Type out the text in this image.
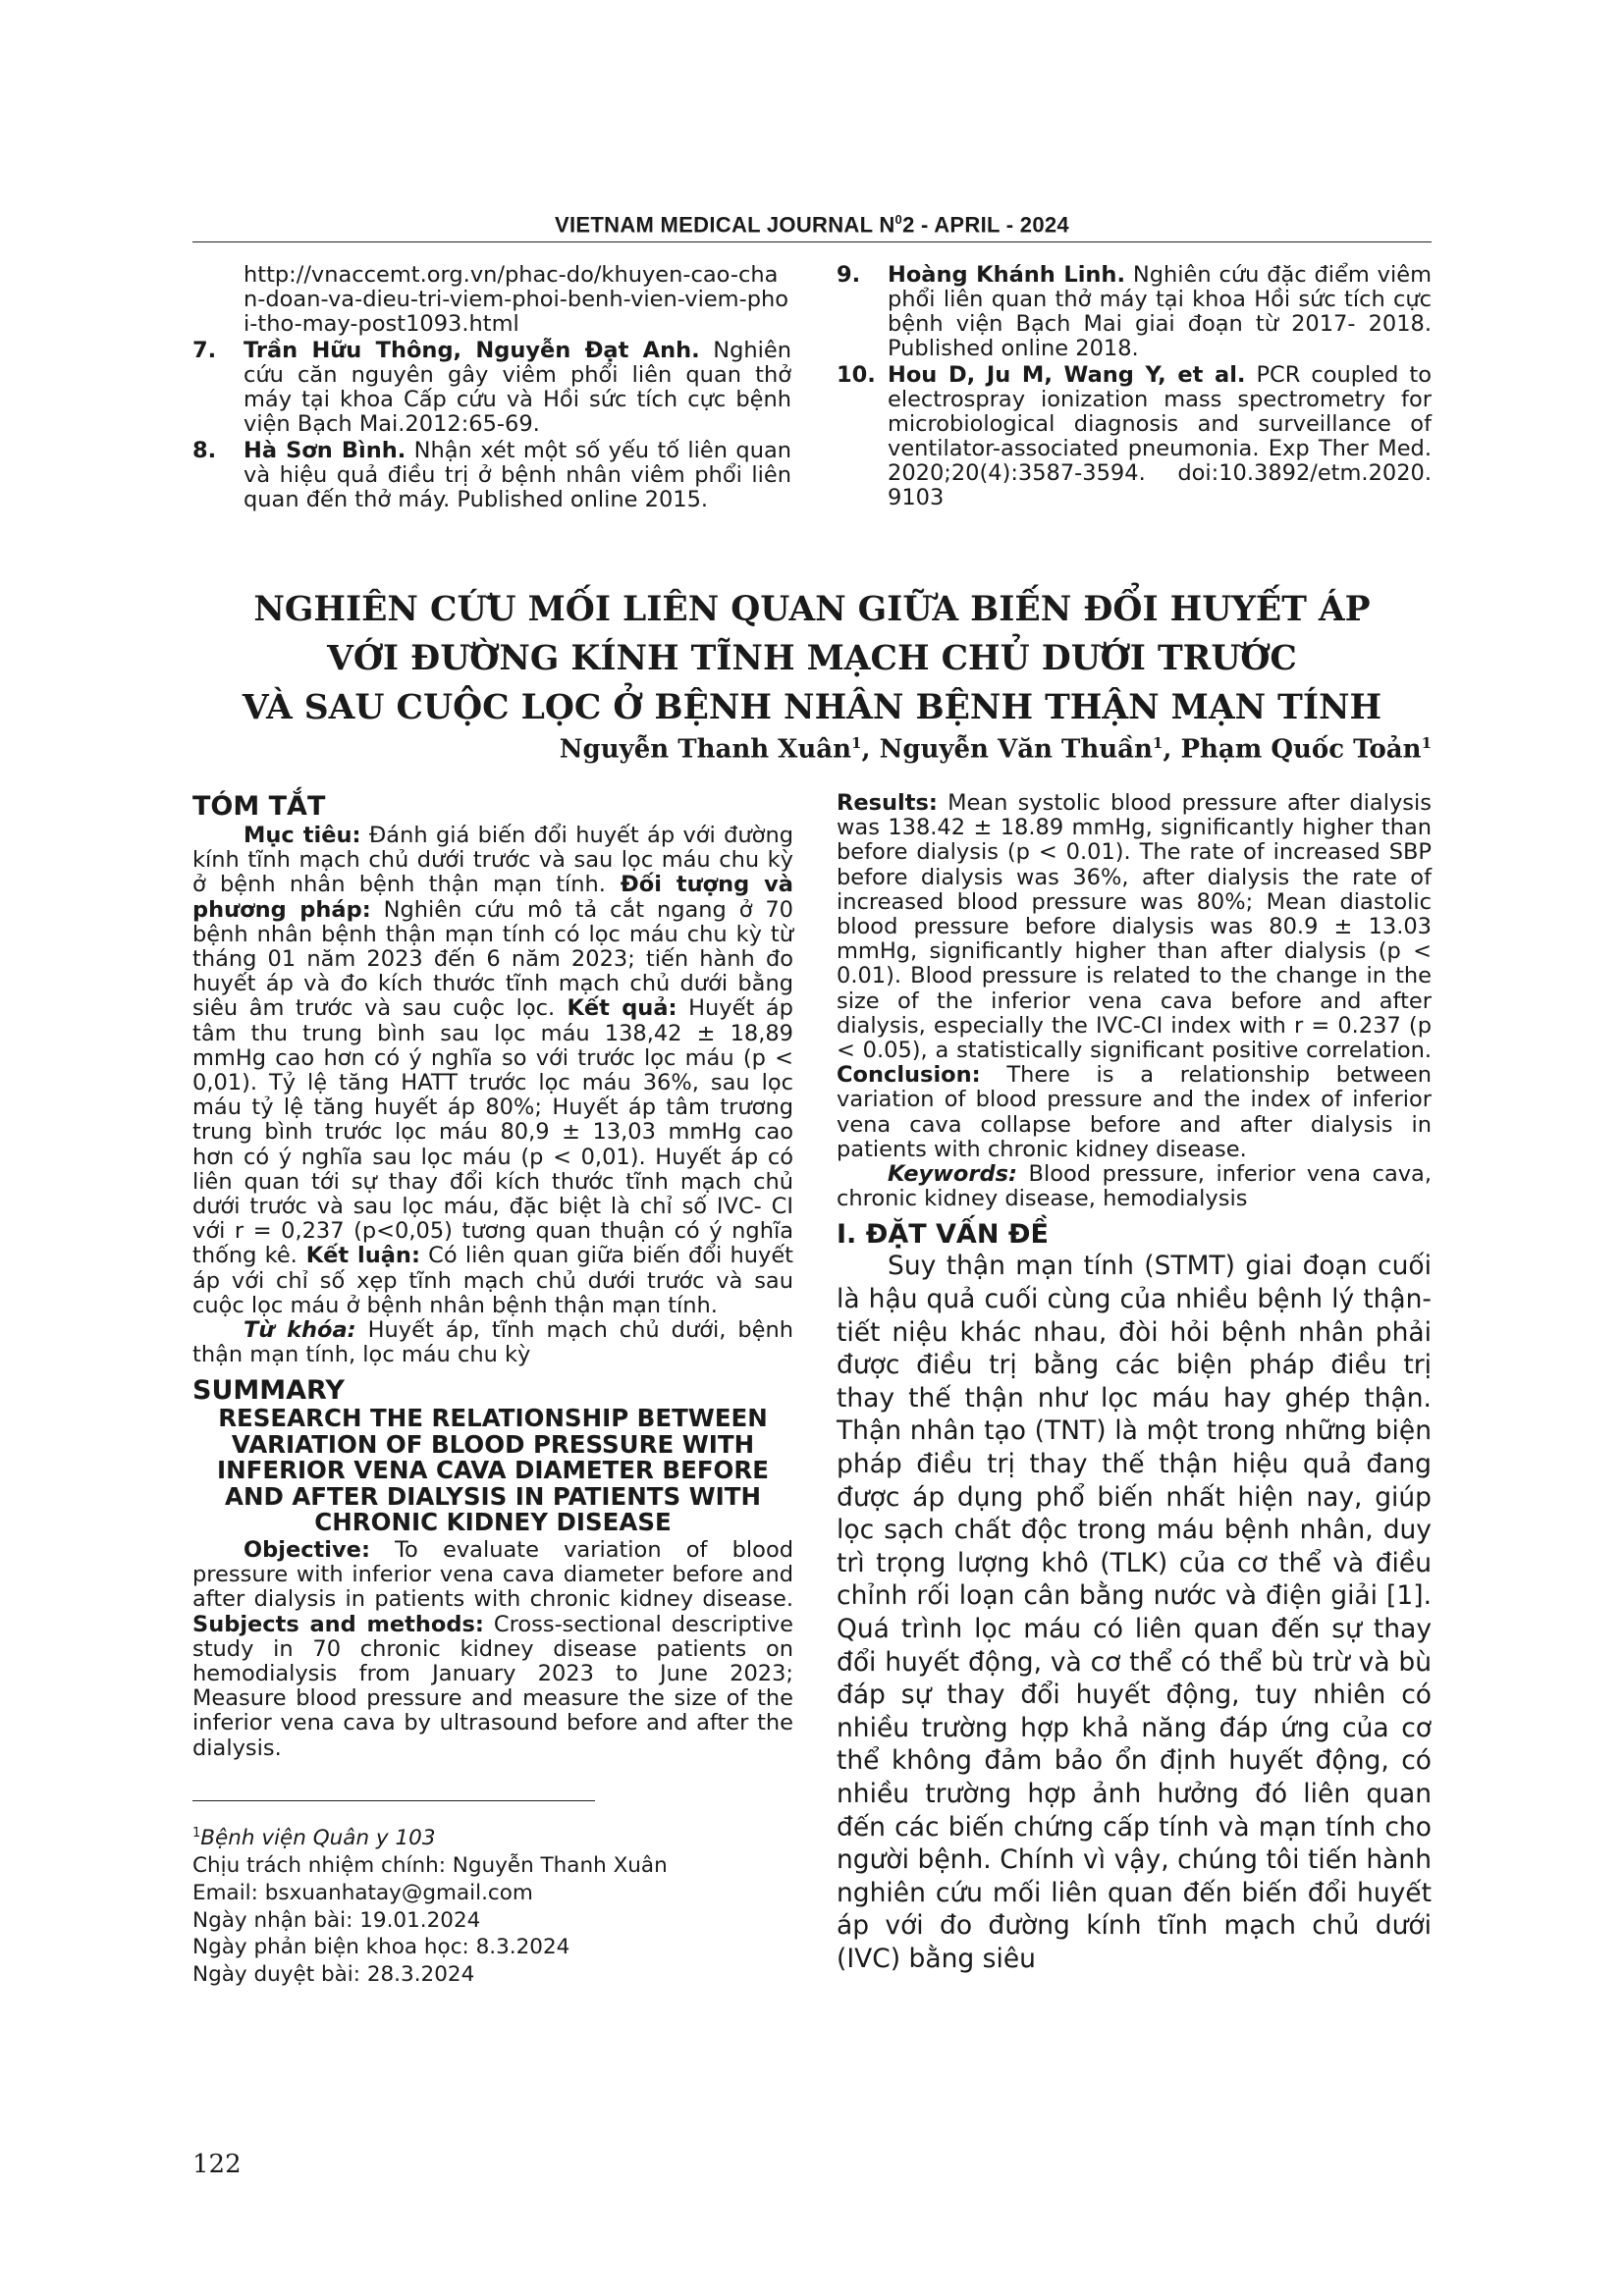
VIETNAM MEDICAL JOURNAL $N^02$ - APRIL - 2024

http://vnaccemt.org.vn/phac-do/khuyen-cao-chan-doan-va-dieu-tri-viem-phoi-benh-vien-viem-phoi-tho-may-post1093.html

7. Trần Hữu Thông, Nguyễn Đạt Anh. Nghiên cứu căn nguyên gây viêm phổi liên quan thở máy tại khoa Cấp cứu và Hồi sức tích cực bệnh viện Bạch Mai.2012:65-69.

8. Hà Sơn Bình. Nhận xét một số yếu tố liên quan và hiệu quả điều trị ở bệnh nhân viêm phổi liên quan đến thở máy. Published online 2015.

9. Hoàng Khánh Linh. Nghiên cứu đặc điểm viêm phổi liên quan thở máy tại khoa Hồi sức tích cực bệnh viện Bạch Mai giai đoạn từ 2017- 2018. Published online 2018.

10. Hou D, Ju M, Wang Y, et al. PCR coupled to electrospray ionization mass spectrometry for microbiological diagnosis and surveillance of ventilator-associated pneumonia. Exp Ther Med. 2020;20(4):3587-3594. doi:10.3892/etm.2020. 9103

NGHIÊN CỨU MỐI LIÊN QUAN GIỮA BIẾN ĐỔI HUYẾT ÁP
VỚI ĐƯỜNG KÍNH TĨNH MẠCH CHỦ DƯỚI TRƯỚC
VÀ SAU CUỘC LỌC Ở BỆNH NHÂN BỆNH THẬN MẠN TÍNH
Nguyễn Thanh Xuân$^1$, Nguyễn Văn Thuần$^1$, Phạm Quốc Toản$^1$
TÓM TẮT

Mục tiêu: Đánh giá biến đổi huyết áp với đường kính tĩnh mạch chủ dưới trước và sau lọc máu chu kỳ ở bệnh nhân bệnh thận mạn tính. Đối tượng và phương pháp: Nghiên cứu mô tả cắt ngang ở 70 bệnh nhân bệnh thận mạn tính có lọc máu chu kỳ từ tháng 01 năm 2023 đến 6 năm 2023; tiến hành đo huyết áp và đo kích thước tĩnh mạch chủ dưới bằng siêu âm trước và sau cuộc lọc. Kết quả: Huyết áp tâm thu trung bình sau lọc máu 138,42 ± 18,89 mmHg cao hơn có ý nghĩa so với trước lọc máu (p < 0,01). Tỷ lệ tăng HATT trước lọc máu 36%, sau lọc máu tỷ lệ tăng huyết áp 80%; Huyết áp tâm trương trung bình trước lọc máu 80,9 ± 13,03 mmHg cao hơn có ý nghĩa sau lọc máu (p < 0,01). Huyết áp có liên quan tới sự thay đổi kích thước tĩnh mạch chủ dưới trước và sau lọc máu, đặc biệt là chỉ số IVC- CI với r = 0,237 (p<0,05) tương quan thuận có ý nghĩa thống kê. Kết luận: Có liên quan giữa biến đổi huyết áp với chỉ số xẹp tĩnh mạch chủ dưới trước và sau cuộc lọc máu ở bệnh nhân bệnh thận mạn tính.

Từ khóa: Huyết áp, tĩnh mạch chủ dưới, bệnh thận mạn tính, lọc máu chu kỳ

SUMMARY

RESEARCH THE RELATIONSHIP BETWEEN VARIATION OF BLOOD PRESSURE WITH INFERIOR VENA CAVA DIAMETER BEFORE AND AFTER DIALYSIS IN PATIENTS WITH CHRONIC KIDNEY DISEASE

Objective: To evaluate variation of blood pressure with inferior vena cava diameter before and after dialysis in patients with chronic kidney disease. Subjects and methods: Cross-sectional descriptive study in 70 chronic kidney disease patients on hemodialysis from January 2023 to June 2023; Measure blood pressure and measure the size of the inferior vena cava by ultrasound before and after the dialysis.

Results: Mean systolic blood pressure after dialysis was 138.42 ± 18.89 mmHg, significantly higher than before dialysis (p < 0.01). The rate of increased SBP before dialysis was 36%, after dialysis the rate of increased blood pressure was 80%; Mean diastolic blood pressure before dialysis was 80.9 ± 13.03 mmHg, significantly higher than after dialysis (p < 0.01). Blood pressure is related to the change in the size of the inferior vena cava before and after dialysis, especially the IVC-CI index with r = 0.237 (p < 0.05), a statistically significant positive correlation. Conclusion: There is a relationship between variation of blood pressure and the index of inferior vena cava collapse before and after dialysis in patients with chronic kidney disease.

Keywords: Blood pressure, inferior vena cava, chronic kidney disease, hemodialysis

I. ĐẶT VẤN ĐỀ

Suy thận mạn tính (STMT) giai đoạn cuối là hậu quả cuối cùng của nhiều bệnh lý thận-tiết niệu khác nhau, đòi hỏi bệnh nhân phải được điều trị bằng các biện pháp điều trị thay thế thận như lọc máu hay ghép thận. Thận nhân tạo (TNT) là một trong những biện pháp điều trị thay thế thận hiệu quả đang được áp dụng phổ biến nhất hiện nay, giúp lọc sạch chất độc trong máu bệnh nhân, duy trì trọng lượng khô (TLK) của cơ thể và điều chỉnh rối loạn cân bằng nước và điện giải [1]. Quá trình lọc máu có liên quan đến sự thay đổi huyết động, và cơ thể có thể bù trừ và bù đáp sự thay đổi huyết động, tuy nhiên có nhiều trường hợp khả năng đáp ứng của cơ thể không đảm bảo ổn định huyết động, có nhiều trường hợp ảnh hưởng đó liên quan đến các biến chứng cấp tính và mạn tính cho người bệnh. Chính vì vậy, chúng tôi tiến hành nghiên cứu mối liên quan đến biến đổi huyết áp với đo đường kính tĩnh mạch chủ dưới (IVC) bằng siêu

$^1$Bệnh viện Quân y 103
Chịu trách nhiệm chính: Nguyễn Thanh Xuân
Email: bsxuanhatay@gmail.com
Ngày nhận bài: 19.01.2024
Ngày phản biện khoa học: 8.3.2024
Ngày duyệt bài: 28.3.2024
122
